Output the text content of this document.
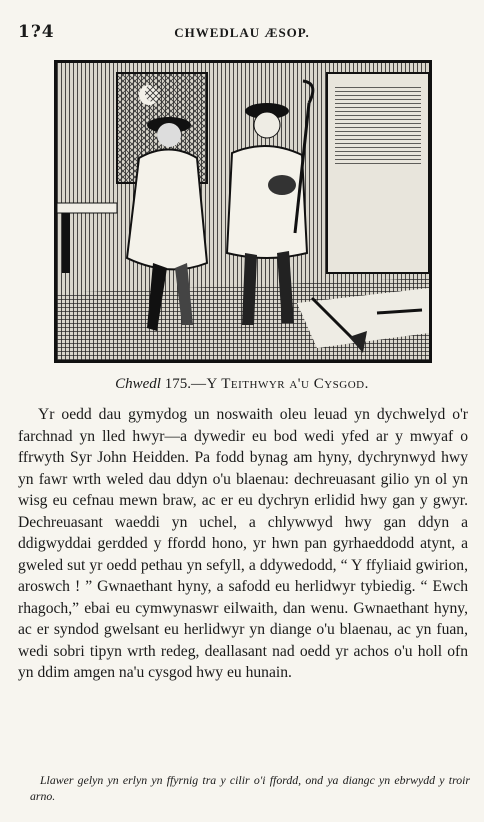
1?4	CHWEDLAU ÆSOP.
Chwedl 175.—Y Teithwyr a'u Cysgod.

Yr oedd dau gymydog un noswaith oleu leuad yn dychwelyd o'r farchnad yn lled hwyr—a dywedir eu bod wedi yfed ar y mwyaf o ffrwyth Syr John Heidden. Pa fodd bynag am hyny, dychrynwyd hwy yn fawr wrth weled dau ddyn o'u blaenau: dechreuasant gilio yn ol yn wisg eu cefnau mewn braw, ac er eu dychryn erlidid hwy gan y gwyr. Dechreuasant waeddi yn uchel, a chlywwyd hwy gan ddyn a ddigwyddai gerdded y ffordd hono, yr hwn pan gyrhaeddodd atynt, a gweled sut yr oedd pethau yn sefyll, a ddywedodd, “ Y ffyliaid gwirion, aroswch ! ” Gwnaethant hyny, a safodd eu herlidwyr tybiedig. “ Ewch rhagoch,” ebai eu cymwynaswr eilwaith, dan wenu. Gwnaethant hyny, ac er syndod gwelsant eu herlidwyr yn diange o'u blaenau, ac yn fuan, wedi sobri tipyn wrth redeg, deallasant nad oedd yr achos o'u holl ofn yn ddim amgen na'u cysgod hwy eu hunain.

Llawer gelyn yn erlyn yn ffyrnig tra y cilir o'i ffordd, ond ya diangc yn ebrwydd y troir arno.
